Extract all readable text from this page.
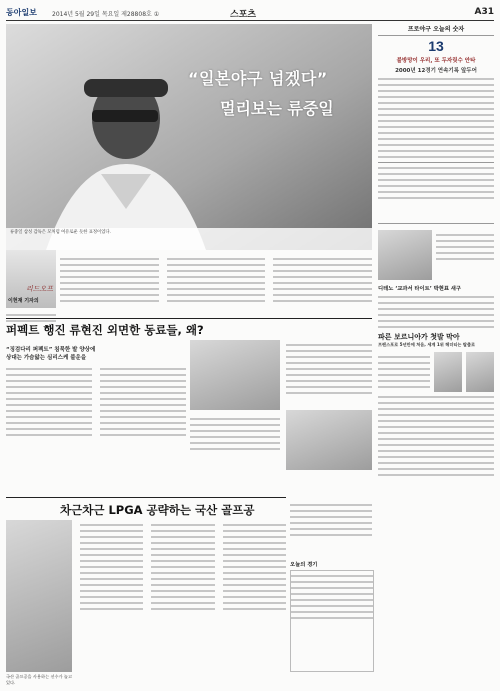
동아일보	2014년 5월 29일 목요일 제28808호 ①	스포츠	A31
류중일 삼성 감독은 모처럼 여유로운 듯한 표정이었다.
“일본야구 넘겠다”
멀리보는 류중일
리드오프
이헌재 기자의
퍼펙트 행진 류현진 외면한 동료들, 왜?
“징검다리 퍼펙트” 침묵한 발 양상에
상대는 가슴앓는 심리스케 불운을
차근차근 LPGA 공략하는 국산 골프공
국산 골프공을 사용하는 선수가 늘고 있다.
오늘의 경기
프로야구 오늘의 숫자
13
불방망이 우리, 또 두자릿수 안타
2000년 12경기 연속기록 앞두어
디테노 ‘교과서 타이트’ 박현표 새구
파른 보르니아가 첫발 막아
프랜스포로 5년만에 처음, 세계 1위 헤더티는 탈출로
